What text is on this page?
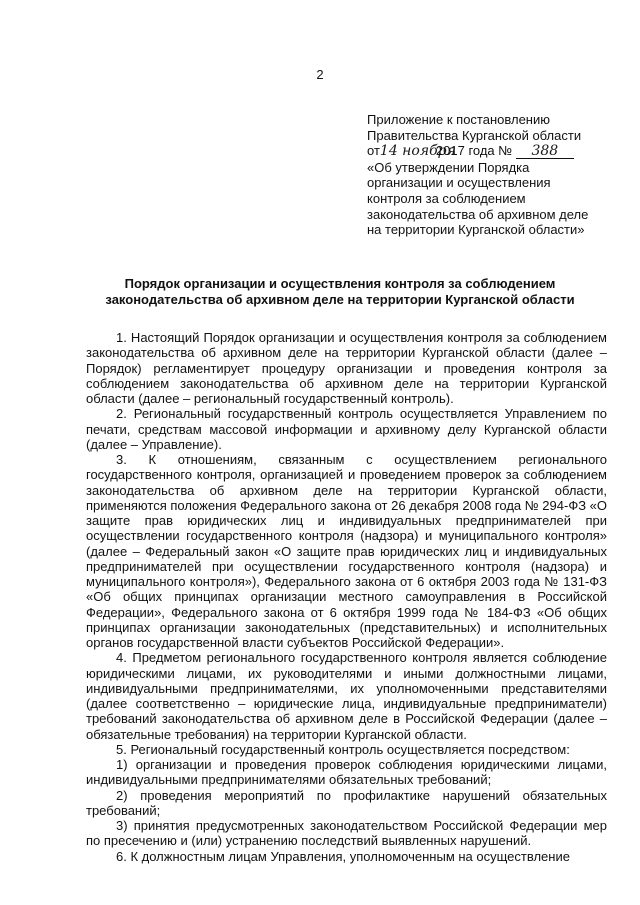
2
Приложение к постановлению
Правительства Курганской области
от14 ноября2017 года № 388
«Об утверждении Порядка
организации и осуществления
контроля за соблюдением
законодательства об архивном деле
на территории Курганской области»
Порядок организации и осуществления контроля за соблюдением
законодательства об архивном деле на территории Курганской области

1. Настоящий Порядок организации и осуществления контроля за соблюдением законодательства об архивном деле на территории Курганской области (далее – Порядок) регламентирует процедуру организации и проведения контроля за соблюдением законодательства об архивном деле на территории Курганской области (далее – региональный государственный контроль).

2. Региональный государственный контроль осуществляется Управлением по печати, средствам массовой информации и архивному делу Курганской области (далее – Управление).

3. К отношениям, связанным с осуществлением регионального государственного контроля, организацией и проведением проверок за соблюдением законодательства об архивном деле на территории Курганской области, применяются положения Федерального закона от 26 декабря 2008 года № 294-ФЗ «О защите прав юридических лиц и индивидуальных предпринимателей при осуществлении государственного контроля (надзора) и муниципального контроля» (далее – Федеральный закон «О защите прав юридических лиц и индивидуальных предпринимателей при осуществлении государственного контроля (надзора) и муниципального контроля»), Федерального закона от 6 октября 2003 года № 131-ФЗ «Об общих принципах организации местного самоуправления в Российской Федерации», Федерального закона от 6 октября 1999 года № 184-ФЗ «Об общих принципах организации законодательных (представительных) и исполнительных органов государственной власти субъектов Российской Федерации».

4. Предметом регионального государственного контроля является соблюдение юридическими лицами, их руководителями и иными должностными лицами, индивидуальными предпринимателями, их уполномоченными представителями (далее соответственно – юридические лица, индивидуальные предприниматели) требований законодательства об архивном деле в Российской Федерации (далее – обязательные требования) на территории Курганской области.

5. Региональный государственный контроль осуществляется посредством:

1) организации и проведения проверок соблюдения юридическими лицами, индивидуальными предпринимателями обязательных требований;

2) проведения мероприятий по профилактике нарушений обязательных требований;

3) принятия предусмотренных законодательством Российской Федерации мер по пресечению и (или) устранению последствий выявленных нарушений.

6. К должностным лицам Управления, уполномоченным на осуществление
